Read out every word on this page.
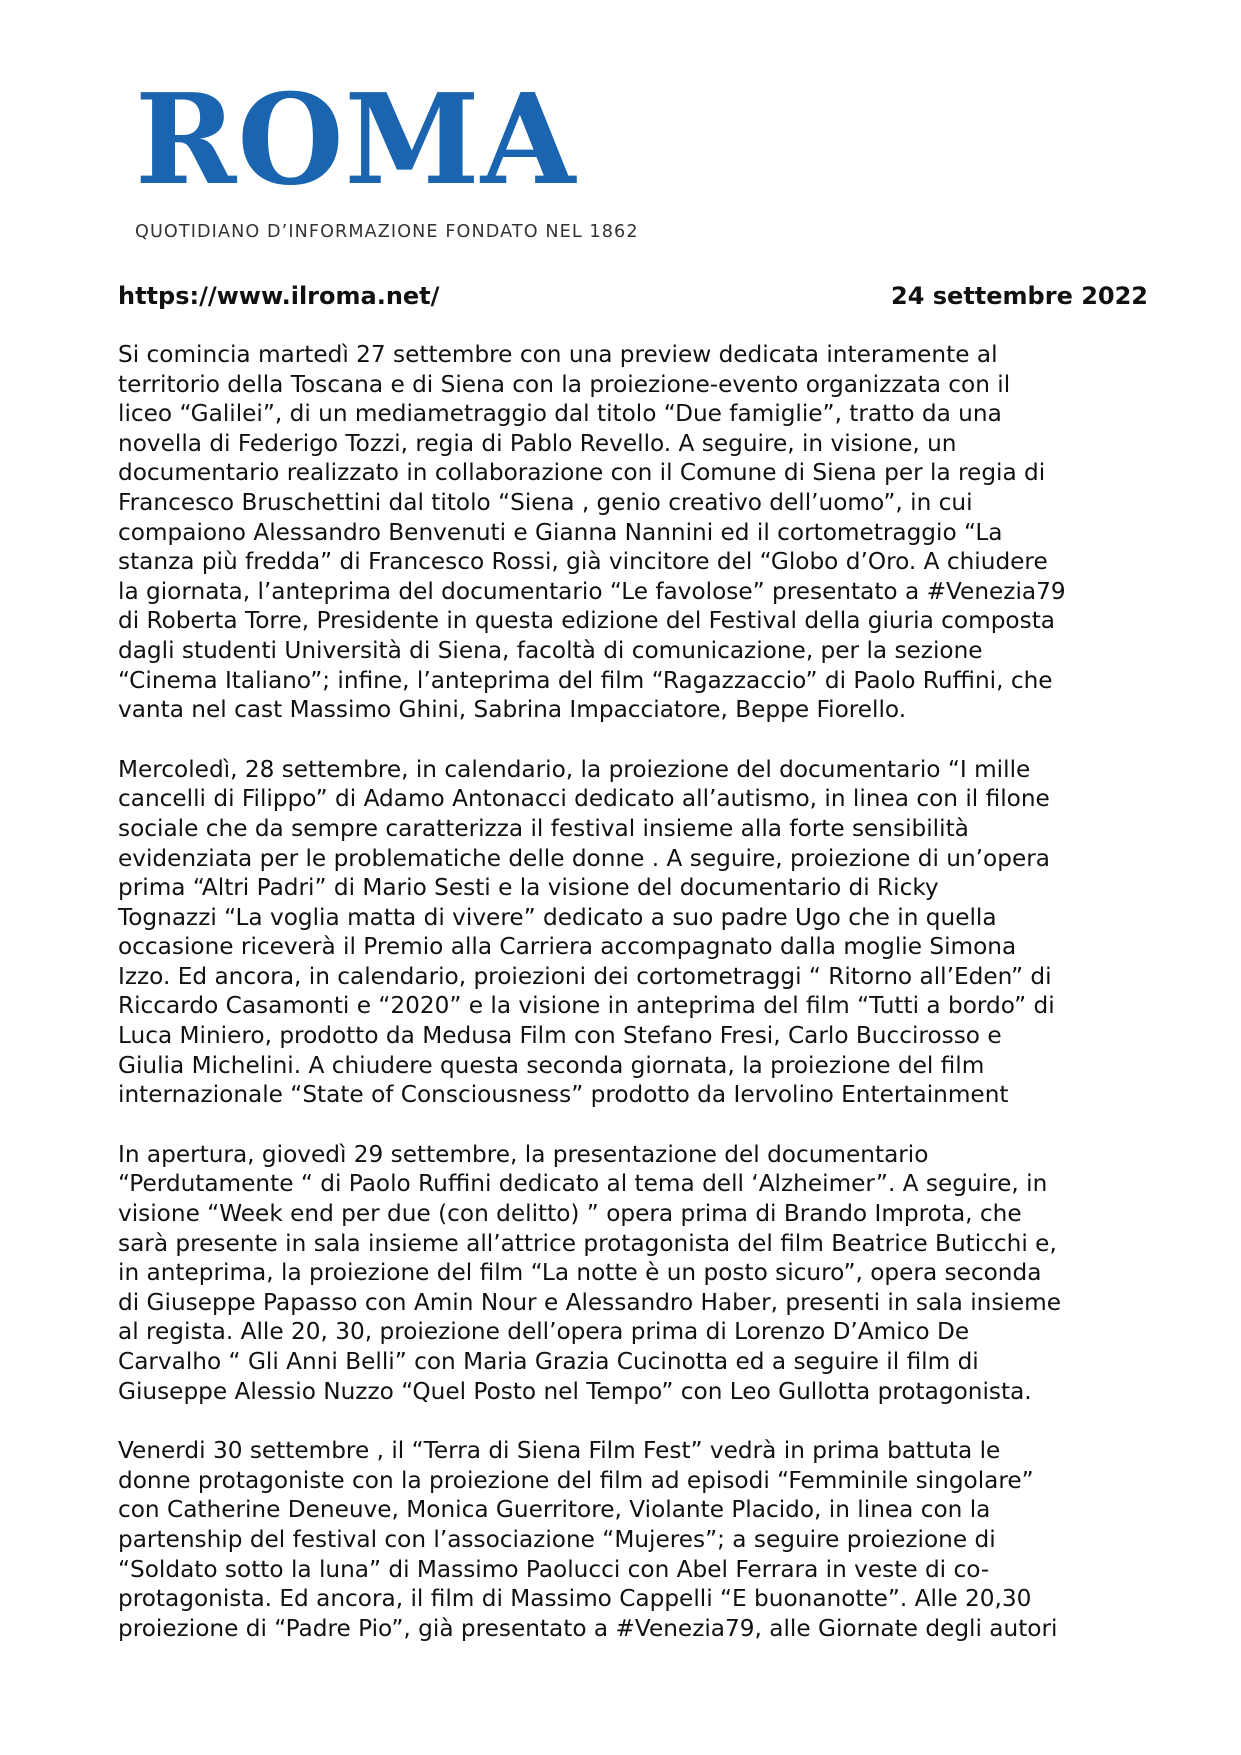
ROMA
QUOTIDIANO D’INFORMAZIONE FONDATO NEL 1862
https://www.ilroma.net/	24 settembre 2022

Si comincia martedì 27 settembre con una preview dedicata interamente al
territorio della Toscana e di Siena con la proiezione-evento organizzata con il
liceo “Galilei”, di un mediametraggio dal titolo “Due famiglie”, tratto da una
novella di Federigo Tozzi, regia di Pablo Revello. A seguire, in visione, un
documentario realizzato in collaborazione con il Comune di Siena per la regia di
Francesco Bruschettini dal titolo “Siena , genio creativo dell’uomo”, in cui
compaiono Alessandro Benvenuti e Gianna Nannini ed il cortometraggio “La
stanza più fredda” di Francesco Rossi, già vincitore del “Globo d’Oro. A chiudere
la giornata, l’anteprima del documentario “Le favolose” presentato a #Venezia79
di Roberta Torre, Presidente in questa edizione del Festival della giuria composta
dagli studenti Università di Siena, facoltà di comunicazione, per la sezione
“Cinema Italiano”; infine, l’anteprima del film “Ragazzaccio” di Paolo Ruffini, che
vanta nel cast Massimo Ghini, Sabrina Impacciatore, Beppe Fiorello.

Mercoledì, 28 settembre, in calendario, la proiezione del documentario “I mille
cancelli di Filippo” di Adamo Antonacci dedicato all’autismo, in linea con il filone
sociale che da sempre caratterizza il festival insieme alla forte sensibilità
evidenziata per le problematiche delle donne . A seguire, proiezione di un’opera
prima “Altri Padri” di Mario Sesti e la visione del documentario di Ricky
Tognazzi “La voglia matta di vivere” dedicato a suo padre Ugo che in quella
occasione riceverà il Premio alla Carriera accompagnato dalla moglie Simona
Izzo. Ed ancora, in calendario, proiezioni dei cortometraggi “ Ritorno all’Eden” di
Riccardo Casamonti e “2020” e la visione in anteprima del film “Tutti a bordo” di
Luca Miniero, prodotto da Medusa Film con Stefano Fresi, Carlo Buccirosso e
Giulia Michelini. A chiudere questa seconda giornata, la proiezione del film
internazionale “State of Consciousness” prodotto da Iervolino Entertainment

In apertura, giovedì 29 settembre, la presentazione del documentario
“Perdutamente “ di Paolo Ruffini dedicato al tema dell ‘Alzheimer”. A seguire, in
visione “Week end per due (con delitto) ” opera prima di Brando Improta, che
sarà presente in sala insieme all’attrice protagonista del film Beatrice Buticchi e,
in anteprima, la proiezione del film “La notte è un posto sicuro”, opera seconda
di Giuseppe Papasso con Amin Nour e Alessandro Haber, presenti in sala insieme
al regista. Alle 20, 30, proiezione dell’opera prima di Lorenzo D’Amico De
Carvalho “ Gli Anni Belli” con Maria Grazia Cucinotta ed a seguire il film di
Giuseppe Alessio Nuzzo “Quel Posto nel Tempo” con Leo Gullotta protagonista.

Venerdi 30 settembre , il “Terra di Siena Film Fest” vedrà in prima battuta le
donne protagoniste con la proiezione del film ad episodi “Femminile singolare”
con Catherine Deneuve, Monica Guerritore, Violante Placido, in linea con la
partenship del festival con l’associazione “Mujeres”; a seguire proiezione di
“Soldato sotto la luna” di Massimo Paolucci con Abel Ferrara in veste di co-
protagonista. Ed ancora, il film di Massimo Cappelli “E buonanotte”. Alle 20,30
proiezione di “Padre Pio”, già presentato a #Venezia79, alle Giornate degli autori
